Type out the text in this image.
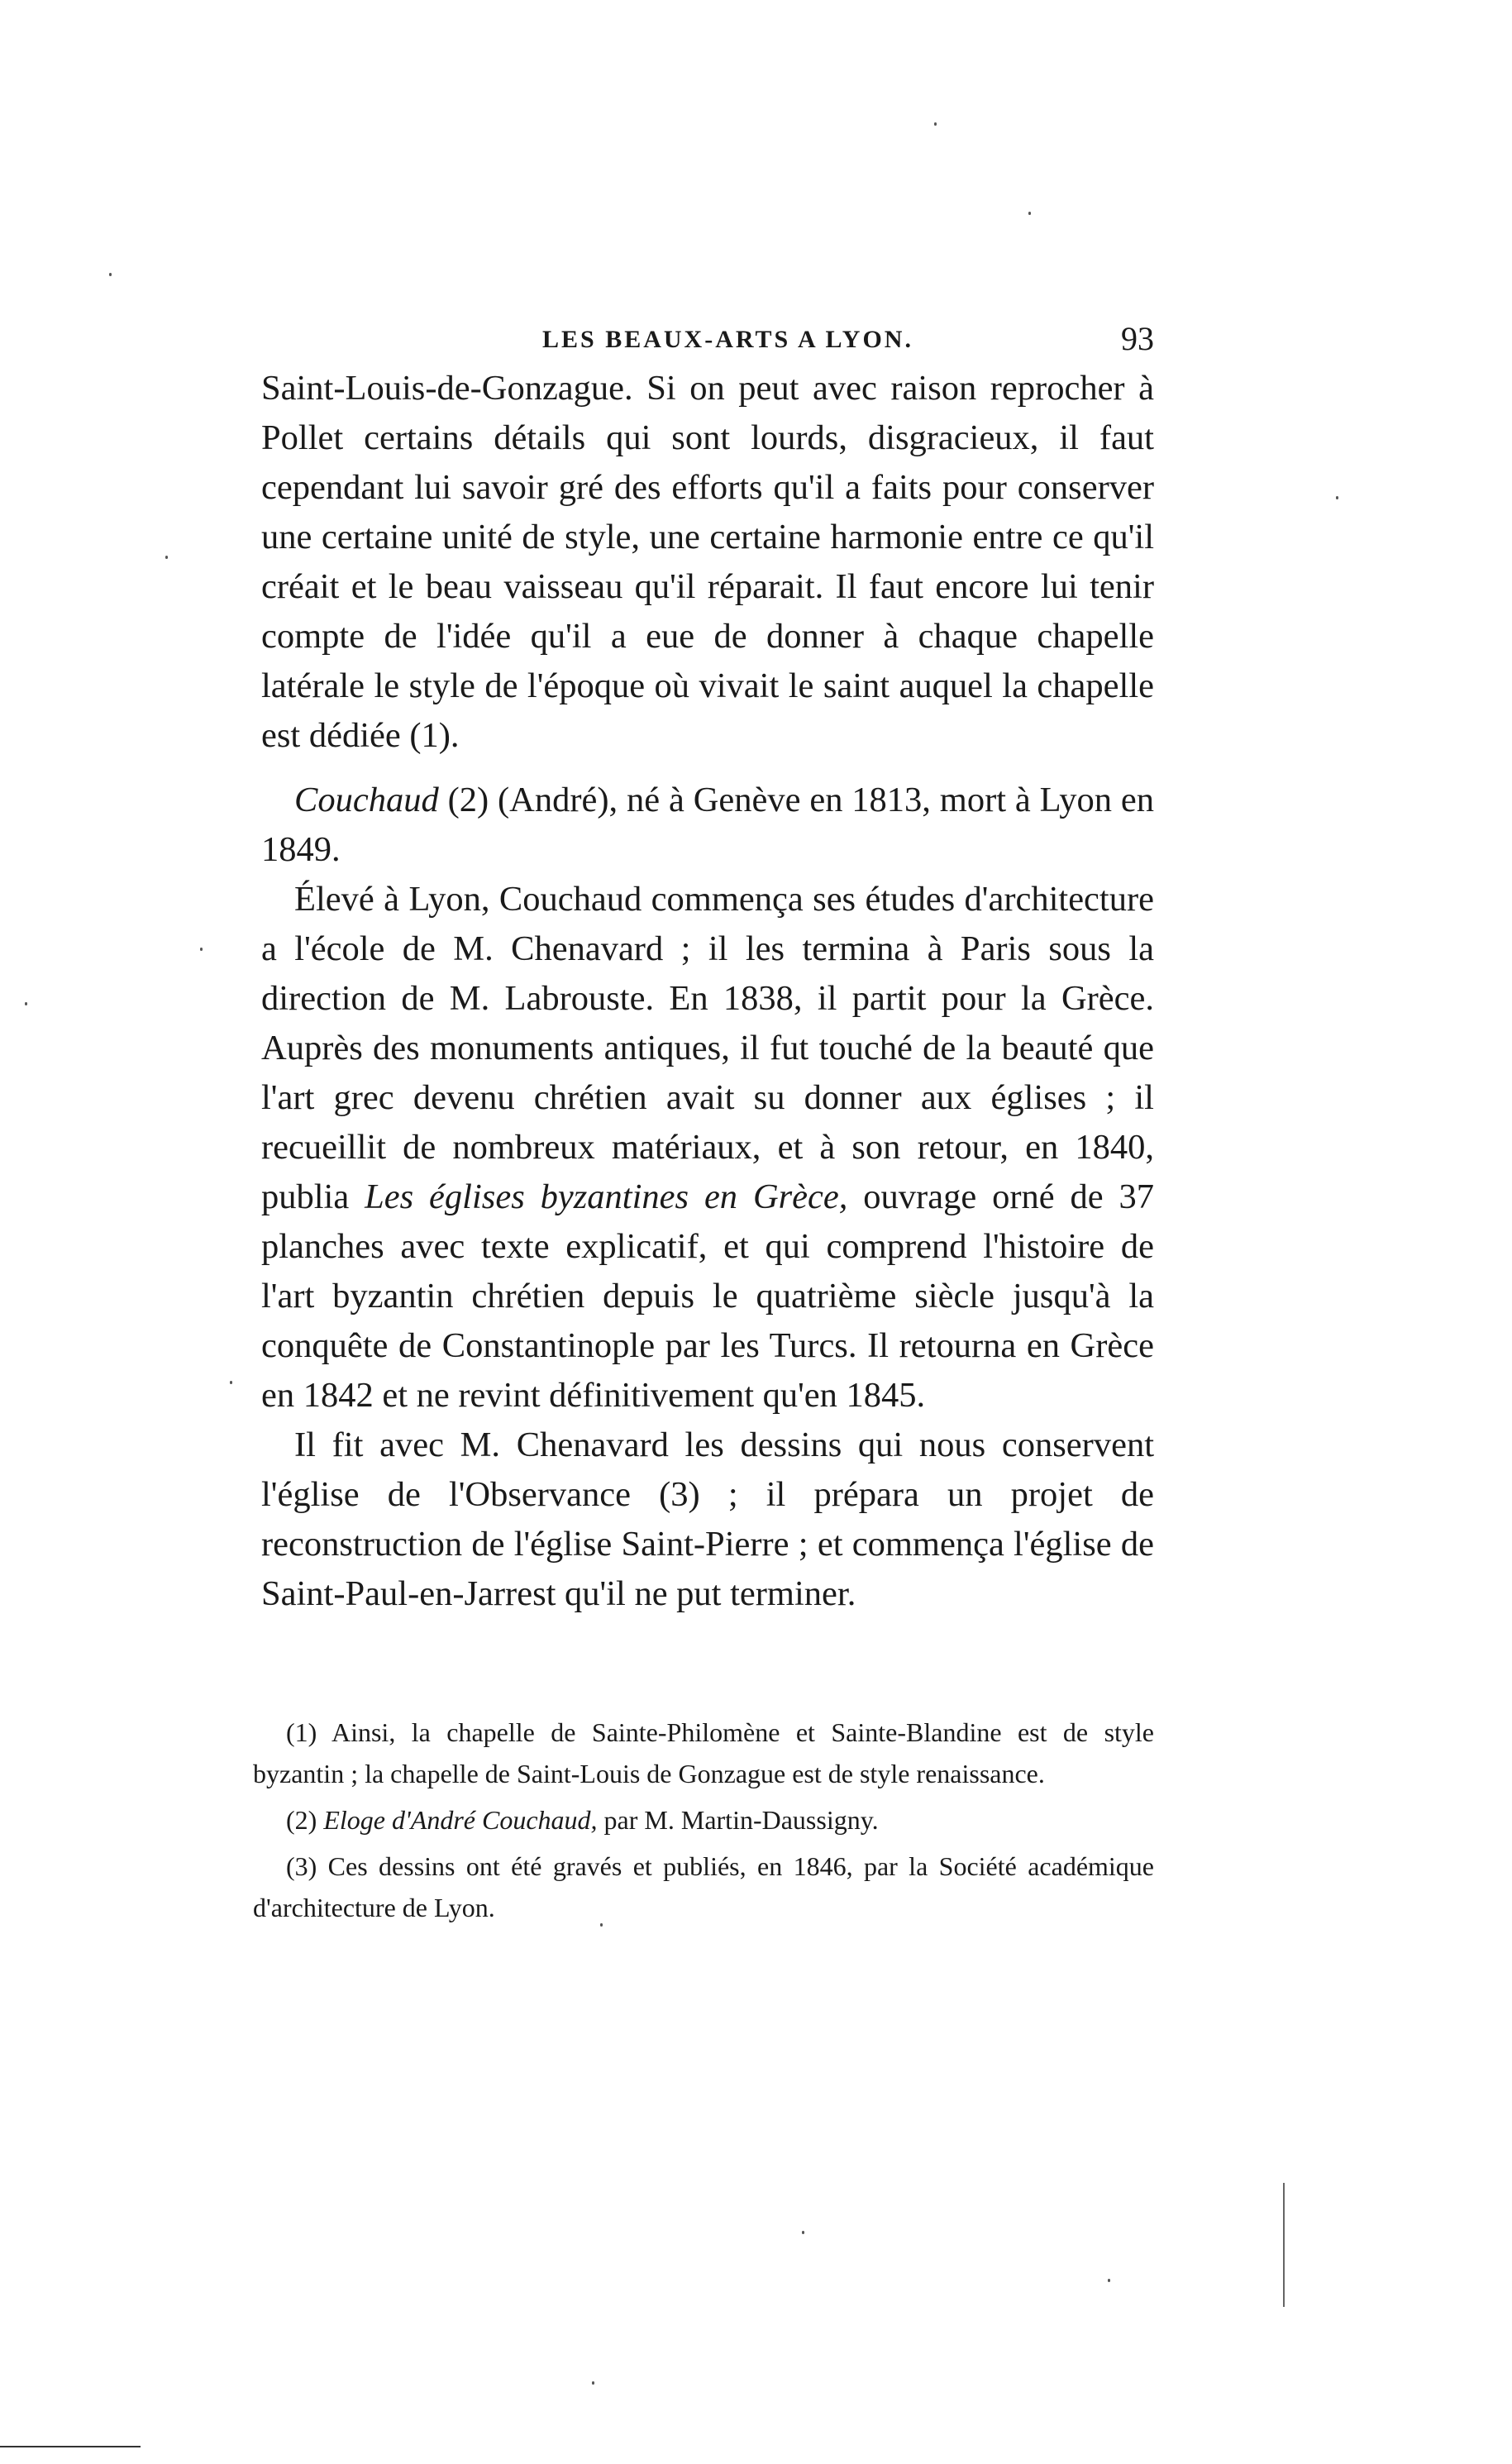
LES BEAUX-ARTS A LYON.	93

Saint-Louis-de-Gonzague. Si on peut avec raison reprocher à Pollet certains détails qui sont lourds, disgracieux, il faut cependant lui savoir gré des efforts qu'il a faits pour conserver une certaine unité de style, une certaine harmonie entre ce qu'il créait et le beau vaisseau qu'il réparait. Il faut encore lui tenir compte de l'idée qu'il a eue de donner à chaque chapelle latérale le style de l'époque où vivait le saint auquel la chapelle est dédiée (1).

Couchaud (2) (André), né à Genève en 1813, mort à Lyon en 1849.

Élevé à Lyon, Couchaud commença ses études d'architecture a l'école de M. Chenavard ; il les termina à Paris sous la direction de M. Labrouste. En 1838, il partit pour la Grèce. Auprès des monuments antiques, il fut touché de la beauté que l'art grec devenu chrétien avait su donner aux églises ; il recueillit de nombreux matériaux, et à son retour, en 1840, publia Les églises byzantines en Grèce, ouvrage orné de 37 planches avec texte explicatif, et qui comprend l'histoire de l'art byzantin chrétien depuis le quatrième siècle jusqu'à la conquête de Constantinople par les Turcs. Il retourna en Grèce en 1842 et ne revint définitivement qu'en 1845.

Il fit avec M. Chenavard les dessins qui nous conservent l'église de l'Observance (3) ; il prépara un projet de reconstruction de l'église Saint-Pierre ; et commença l'église de Saint-Paul-en-Jarrest qu'il ne put terminer.

(1) Ainsi, la chapelle de Sainte-Philomène et Sainte-Blandine est de style byzantin ; la chapelle de Saint-Louis de Gonzague est de style renaissance.

(2) Eloge d'André Couchaud, par M. Martin-Daussigny.

(3) Ces dessins ont été gravés et publiés, en 1846, par la Société académique d'architecture de Lyon.
